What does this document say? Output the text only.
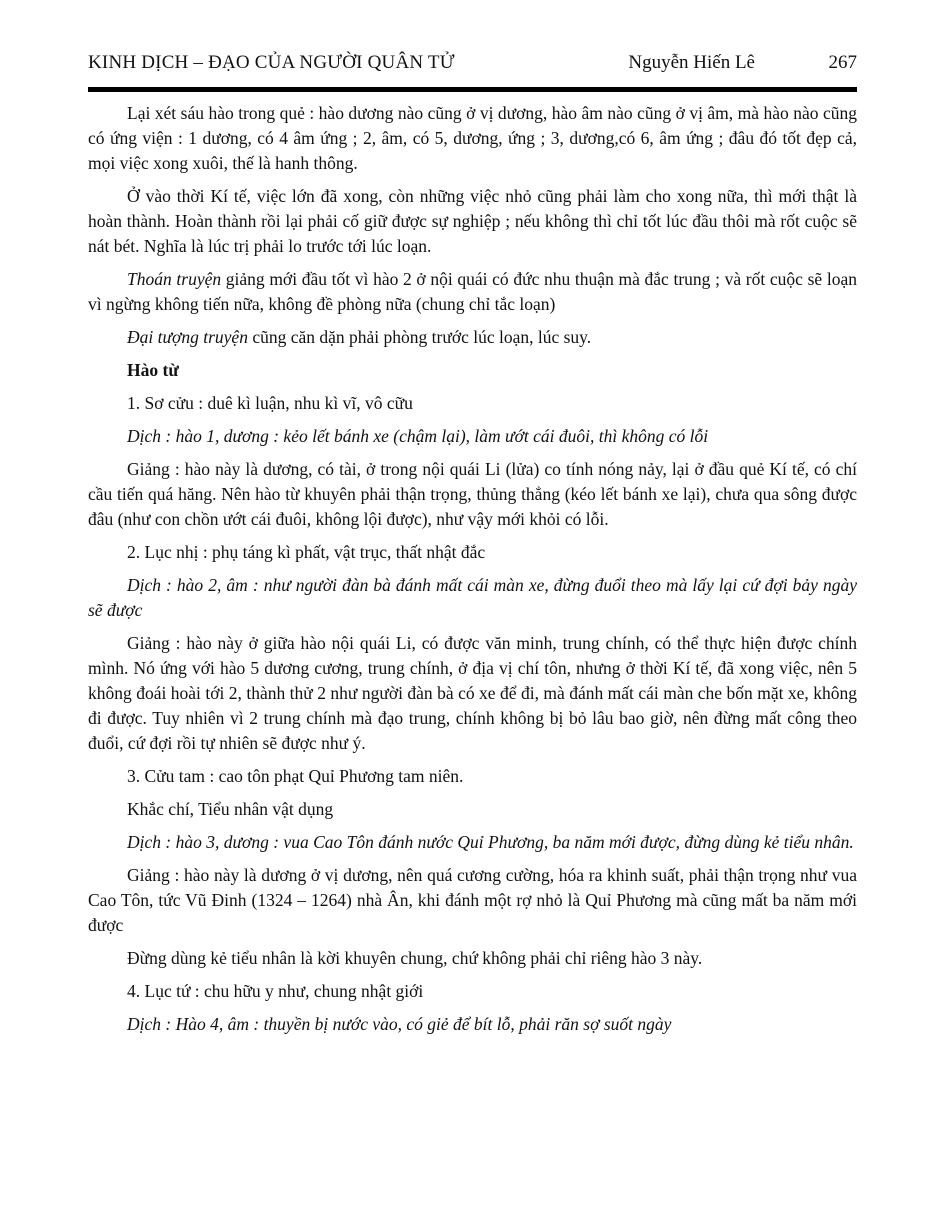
KINH DỊCH – ĐẠO CỦA NGƯỜI QUÂN TỬ	Nguyễn Hiến Lê	267

Lại xét sáu hào trong quẻ : hào dương nào cũng ở vị dương, hào âm nào cũng ở vị âm, mà hào nào cũng có ứng viện : 1 dương, có 4 âm ứng ; 2, âm, có 5, dương, ứng ; 3, dương,có 6, âm ứng ; đâu đó tốt đẹp cả, mọi việc xong xuôi, thế là hanh thông.

Ở vào thời Kí tế, việc lớn đã xong, còn những việc nhỏ cũng phải làm cho xong nữa, thì mới thật là hoàn thành. Hoàn thành rồi lại phải cố giữ được sự nghiệp ; nếu không thì chỉ tốt lúc đầu thôi mà rốt cuộc sẽ nát bét. Nghĩa là lúc trị phải lo trước tới lúc loạn.

Thoán truyện giảng mới đầu tốt vì hào 2 ở nội quái có đức nhu thuận mà đắc trung ; và rốt cuộc sẽ loạn vì ngừng không tiến nữa, không đề phòng nữa (chung chỉ tắc loạn)

Đại tượng truyện cũng căn dặn phải phòng trước lúc loạn, lúc suy.

Hào từ

1. Sơ cửu : duê kì luận, nhu kì vĩ, vô cữu

Dịch : hào 1, dương : kẻo lết bánh xe (chậm lại), làm ướt cái đuôi, thì không có lỗi

Giảng : hào này là dương, có tài, ở trong nội quái Li (lửa) co tính nóng nảy, lại ở đầu quẻ Kí tế, có chí cầu tiến quá hăng. Nên hào từ khuyên phải thận trọng, thủng thẳng (kéo lết bánh xe lại), chưa qua sông được đâu (như con chồn ướt cái đuôi, không lội được), như vậy mới khỏi có lỗi.

2. Lục nhị : phụ táng kì phất, vật trục, thất nhật đắc

Dịch : hào 2, âm : như người đàn bà đánh mất cái màn xe, đừng đuổi theo mà lấy lại cứ đợi bảy ngày sẽ được

Giảng : hào này ở giữa hào nội quái Li, có được văn minh, trung chính, có thể thực hiện được chính mình. Nó ứng với hào 5 dương cương, trung chính, ở địa vị chí tôn, nhưng ở thời Kí tế, đã xong việc, nên 5 không đoái hoài tới 2, thành thử 2 như người đàn bà có xe để đi, mà đánh mất cái màn che bốn mặt xe, không đi được. Tuy nhiên vì 2 trung chính mà đạo trung, chính không bị bỏ lâu bao giờ, nên đừng mất công theo đuổi, cứ đợi rồi tự nhiên sẽ được như ý.

3. Cửu tam : cao tôn phạt Quỉ Phương tam niên.

Khắc chí, Tiểu nhân vật dụng

Dịch : hào 3, dương : vua Cao Tôn đánh nước Quỉ Phương, ba năm mới được, đừng dùng kẻ tiểu nhân.

Giảng : hào này là dương ở vị dương, nên quá cương cường, hóa ra khinh suất, phải thận trọng như vua Cao Tôn, tức Vũ Đinh (1324 – 1264) nhà Ân, khi đánh một rợ nhỏ là Quỉ Phương mà cũng mất ba năm mới được

Đừng dùng kẻ tiểu nhân là kời khuyên chung, chứ không phải chỉ riêng hào 3 này.

4. Lục tứ : chu hữu y như, chung nhật giới

Dịch : Hào 4, âm : thuyền bị nước vào, có giẻ để bít lỗ, phải răn sợ suốt ngày
